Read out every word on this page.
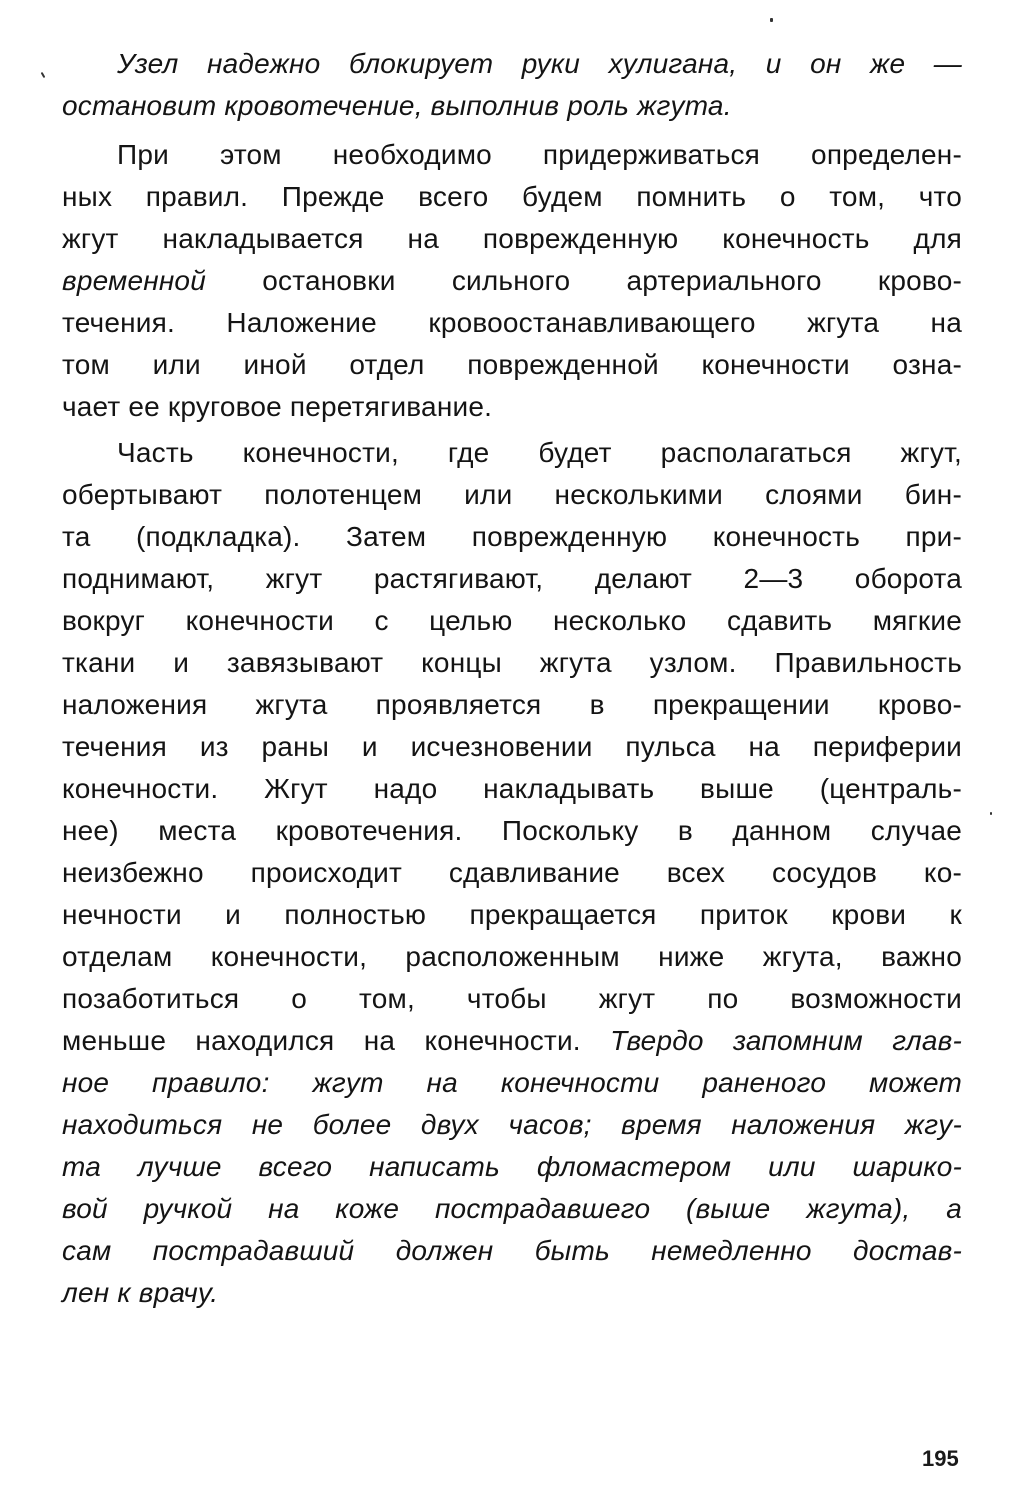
Узел надежно блокирует руки хулигана, и он же —
остановит кровотечение, выполнив роль жгута.
При этом необходимо придерживаться определен-
ных правил. Прежде всего будем помнить о том, что
жгут накладывается на поврежденную конечность для
временной остановки сильного артериального крово-
течения. Наложение кровоостанавливающего жгута на
том или иной отдел поврежденной конечности озна-
чает ее круговое перетягивание.
Часть конечности, где будет располагаться жгут,
обертывают полотенцем или несколькими слоями бин-
та (подкладка). Затем поврежденную конечность при-
поднимают, жгут растягивают, делают 2—3 оборота
вокруг конечности с целью несколько сдавить мягкие
ткани и завязывают концы жгута узлом. Правильность
наложения жгута проявляется в прекращении крово-
течения из раны и исчезновении пульса на периферии
конечности. Жгут надо накладывать выше (централь-
нее) места кровотечения. Поскольку в данном случае
неизбежно происходит сдавливание всех сосудов ко-
нечности и полностью прекращается приток крови к
отделам конечности, расположенным ниже жгута, важно
позаботиться о том, чтобы жгут по возможности
меньше находился на конечности. Твердо запомним глав-
ное правило: жгут на конечности раненого может
находиться не более двух часов; время наложения жгу-
та лучше всего написать фломастером или шарико-
вой ручкой на коже пострадавшего (выше жгута), а
сам пострадавший должен быть немедленно достав-
лен к врачу.
195
